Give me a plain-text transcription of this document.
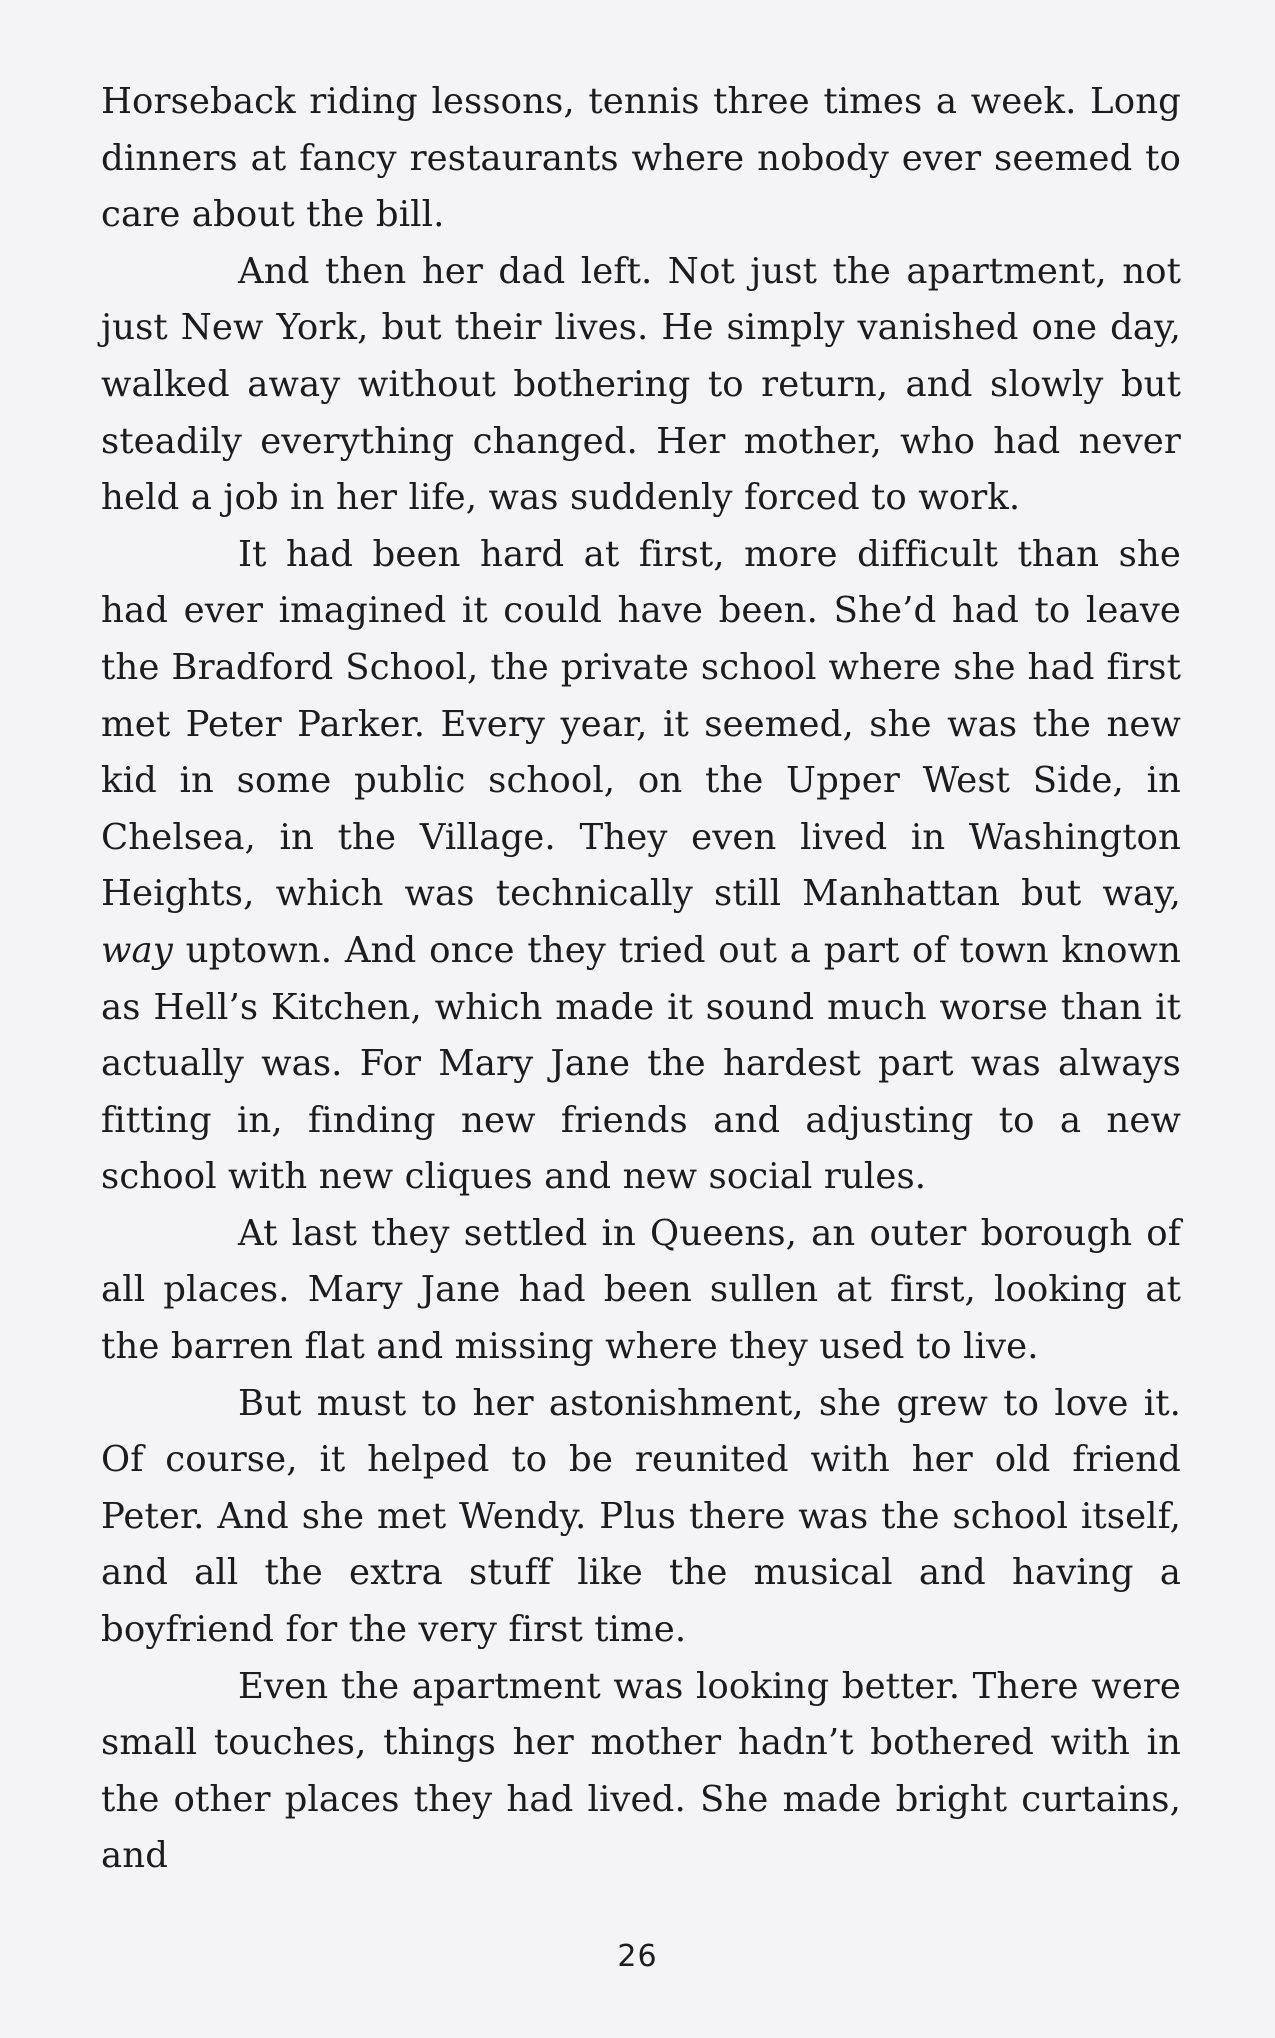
Horseback riding lessons, tennis three times a week. Long dinners at fancy restaurants where nobody ever seemed to care about the bill.

And then her dad left. Not just the apartment, not just New York, but their lives. He simply vanished one day, walked away without bothering to return, and slowly but steadily everything changed. Her mother, who had never held a job in her life, was suddenly forced to work.

It had been hard at first, more difficult than she had ever imagined it could have been. She’d had to leave the Bradford School, the private school where she had first met Peter Parker. Every year, it seemed, she was the new kid in some public school, on the Upper West Side, in Chelsea, in the Village. They even lived in Washington Heights, which was technically still Manhattan but way, way uptown. And once they tried out a part of town known as Hell’s Kitchen, which made it sound much worse than it actually was. For Mary Jane the hardest part was always fitting in, finding new friends and adjusting to a new school with new cliques and new social rules.

At last they settled in Queens, an outer borough of all places. Mary Jane had been sullen at first, looking at the barren flat and missing where they used to live.

But must to her astonishment, she grew to love it. Of course, it helped to be reunited with her old friend Peter. And she met Wendy. Plus there was the school itself, and all the extra stuff like the musical and having a boyfriend for the very first time.

Even the apartment was looking better. There were small touches, things her mother hadn’t bothered with in the other places they had lived. She made bright curtains, and

26
